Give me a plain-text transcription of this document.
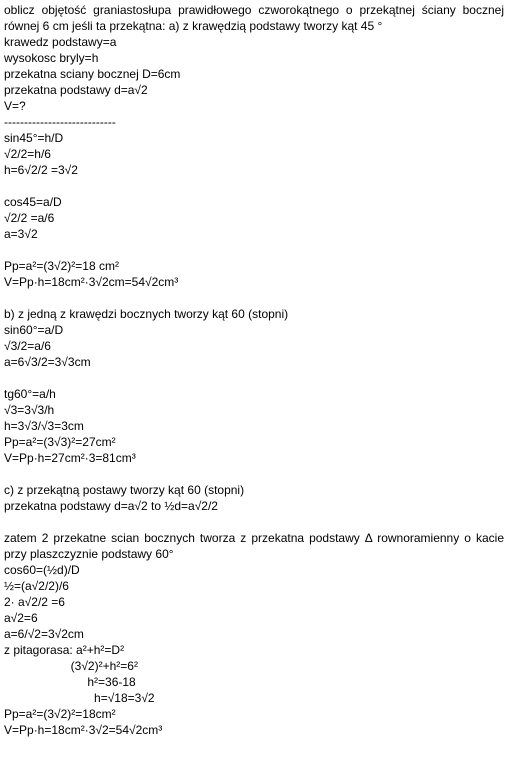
oblicz objętość graniastosłupa prawidłowego czworokątnego o przekątnej ściany bocznej
równej 6 cm jeśli ta przekątna: a) z krawędzią podstawy tworzy kąt 45 °
krawedz podstawy=a
wysokosc bryly=h
przekatna sciany bocznej D=6cm
przekatna podstawy d=a√2
V=?
----------------------------
sin45°=h/D
√2/2=h/6
h=6√2/2 =3√2
cos45=a/D
√2/2 =a/6
a=3√2
Pp=a²=(3√2)²=18 cm²
V=Pp·h=18cm²·3√2cm=54√2cm³
b) z jedną z krawędzi bocznych tworzy kąt 60 (stopni)
sin60°=a/D
√3/2=a/6
a=6√3/2=3√3cm
tg60°=a/h
√3=3√3/h
h=3√3/√3=3cm
Pp=a²=(3√3)²=27cm²
V=Pp·h=27cm²·3=81cm³
c) z przekątną postawy tworzy kąt 60 (stopni)
przekatna podstawy d=a√2 to ½d=a√2/2
zatem 2 przekatne scian bocznych tworza z przekatna podstawy Δ rownoramienny o kacie
przy plaszczyznie podstawy 60°
cos60=(½d)/D
½=(a√2/2)/6
2· a√2/2 =6
a√2=6
a=6/√2=3√2cm
z pitagorasa: a²+h²=D²
(3√2)²+h²=6²
h²=36-18
h=√18=3√2
Pp=a²=(3√2)²=18cm²
V=Pp·h=18cm²·3√2=54√2cm³
